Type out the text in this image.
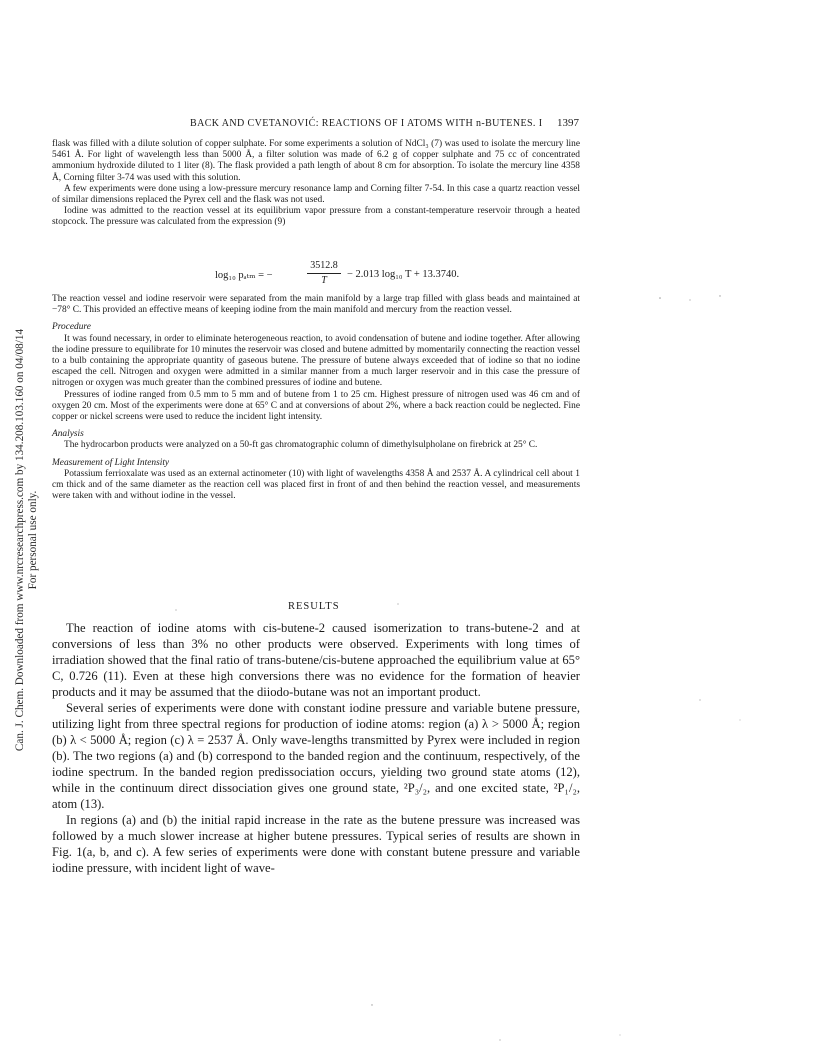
BACK AND CVETANOVIĆ: REACTIONS OF I ATOMS WITH n-BUTENES. I	1397
Can. J. Chem. Downloaded from www.nrcresearchpress.com by 134.208.103.160 on 04/08/14 For personal use only.

flask was filled with a dilute solution of copper sulphate. For some experiments a solution of NdCl₃ (7) was used to isolate the mercury line 5461 Å. For light of wavelength less than 5000 Å, a filter solution was made of 6.2 g of copper sulphate and 75 cc of concentrated ammonium hydroxide diluted to 1 liter (8). The flask provided a path length of about 8 cm for absorption. To isolate the mercury line 4358 Å, Corning filter 3-74 was used with this solution.

A few experiments were done using a low-pressure mercury resonance lamp and Corning filter 7-54. In this case a quartz reaction vessel of similar dimensions replaced the Pyrex cell and the flask was not used.

Iodine was admitted to the reaction vessel at its equilibrium vapor pressure from a constant-temperature reservoir through a heated stopcock. The pressure was calculated from the expression (9)

log₁₀ pₐₜₘ = −
3512.8
T
− 2.013 log₁₀ T + 13.3740.

The reaction vessel and iodine reservoir were separated from the main manifold by a large trap filled with glass beads and maintained at −78° C. This provided an effective means of keeping iodine from the main manifold and mercury from the reaction vessel.

Procedure

It was found necessary, in order to eliminate heterogeneous reaction, to avoid condensation of butene and iodine together. After allowing the iodine pressure to equilibrate for 10 minutes the reservoir was closed and butene admitted by momentarily connecting the reaction vessel to a bulb containing the appropriate quantity of gaseous butene. The pressure of butene always exceeded that of iodine so that no iodine escaped the cell. Nitrogen and oxygen were admitted in a similar manner from a much larger reservoir and in this case the pressure of nitrogen or oxygen was much greater than the combined pressures of iodine and butene.

Pressures of iodine ranged from 0.5 mm to 5 mm and of butene from 1 to 25 cm. Highest pressure of nitrogen used was 46 cm and of oxygen 20 cm. Most of the experiments were done at 65° C and at conversions of about 2%, where a back reaction could be neglected. Fine copper or nickel screens were used to reduce the incident light intensity.

Analysis

The hydrocarbon products were analyzed on a 50-ft gas chromatographic column of dimethylsulpholane on firebrick at 25° C.

Measurement of Light Intensity

Potassium ferrioxalate was used as an external actinometer (10) with light of wavelengths 4358 Å and 2537 Å. A cylindrical cell about 1 cm thick and of the same diameter as the reaction cell was placed first in front of and then behind the reaction vessel, and measurements were taken with and without iodine in the vessel.

RESULTS

The reaction of iodine atoms with cis-butene-2 caused isomerization to trans-butene-2 and at conversions of less than 3% no other products were observed. Experiments with long times of irradiation showed that the final ratio of trans-butene/cis-butene approached the equilibrium value at 65° C, 0.726 (11). Even at these high conversions there was no evidence for the formation of heavier products and it may be assumed that the diiodo-butane was not an important product.

Several series of experiments were done with constant iodine pressure and variable butene pressure, utilizing light from three spectral regions for production of iodine atoms: region (a) λ > 5000 Å; region (b) λ < 5000 Å; region (c) λ = 2537 Å. Only wave-lengths transmitted by Pyrex were included in region (b). The two regions (a) and (b) correspond to the banded region and the continuum, respectively, of the iodine spectrum. In the banded region predissociation occurs, yielding two ground state atoms (12), while in the continuum direct dissociation gives one ground state, ²P₃/₂, and one excited state, ²P₁/₂, atom (13).

In regions (a) and (b) the initial rapid increase in the rate as the butene pressure was increased was followed by a much slower increase at higher butene pressures. Typical series of results are shown in Fig. 1(a, b, and c). A few series of experiments were done with constant butene pressure and variable iodine pressure, with incident light of wave-
